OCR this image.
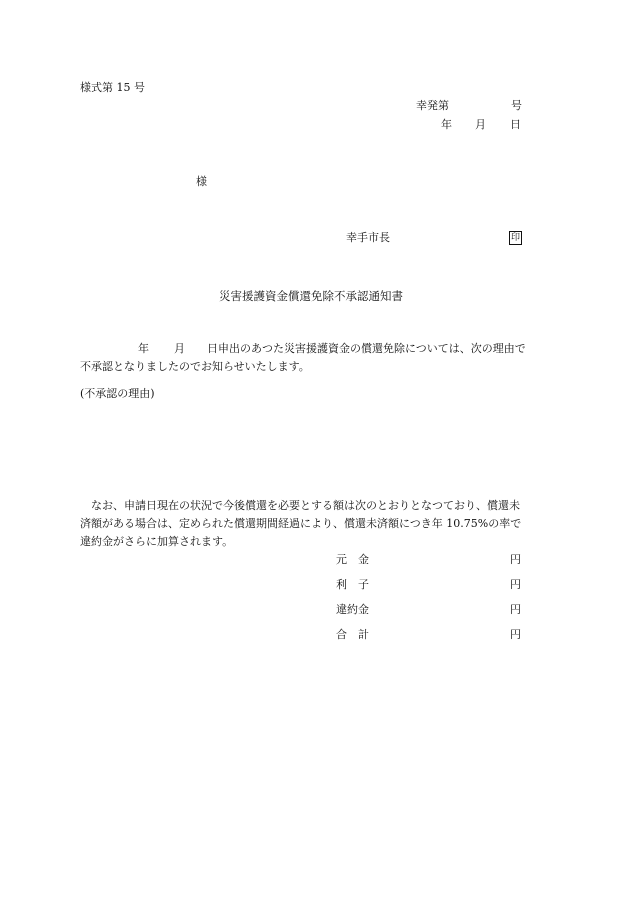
様式第 15 号
幸発第	号
年 月 日
様
幸手市長	印
災害援護資金償還免除不承認通知書
年 月 日申出のあつた災害援護資金の償還免除については、次の理由で
不承認となりましたのでお知らせいたします。
(不承認の理由)
なお、申請日現在の状況で今後償還を必要とする額は次のとおりとなつており、償還未
済額がある場合は、定められた償還期間経過により、償還未済額につき年 10.75%の率で
違約金がさらに加算されます。
元　金	円
利　子	円
違約金	円
合　計	円
